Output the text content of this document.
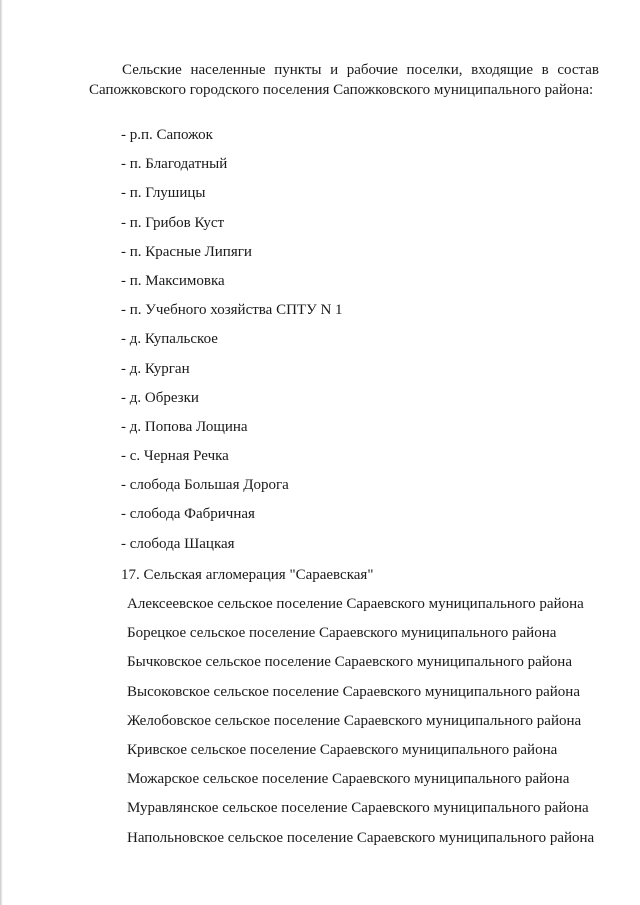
Сельские населенные пункты и рабочие поселки, входящие в состав Сапожковского городского поселения Сапожковского муниципального района:

- р.п. Сапожок
- п. Благодатный
- п. Глушицы
- п. Грибов Куст
- п. Красные Липяги
- п. Максимовка
- п. Учебного хозяйства СПТУ N 1
- д. Купальское
- д. Курган
- д. Обрезки
- д. Попова Лощина
- с. Черная Речка
- слобода Большая Дорога
- слобода Фабричная
- слобода Шацкая
17. Сельская агломерация "Сараевская"
Алексеевское сельское поселение Сараевского муниципального района
Борецкое сельское поселение Сараевского муниципального района
Бычковское сельское поселение Сараевского муниципального района
Высоковское сельское поселение Сараевского муниципального района
Желобовское сельское поселение Сараевского муниципального района
Кривское сельское поселение Сараевского муниципального района
Можарское сельское поселение Сараевского муниципального района
Муравлянское сельское поселение Сараевского муниципального района
Напольновское сельское поселение Сараевского муниципального района
